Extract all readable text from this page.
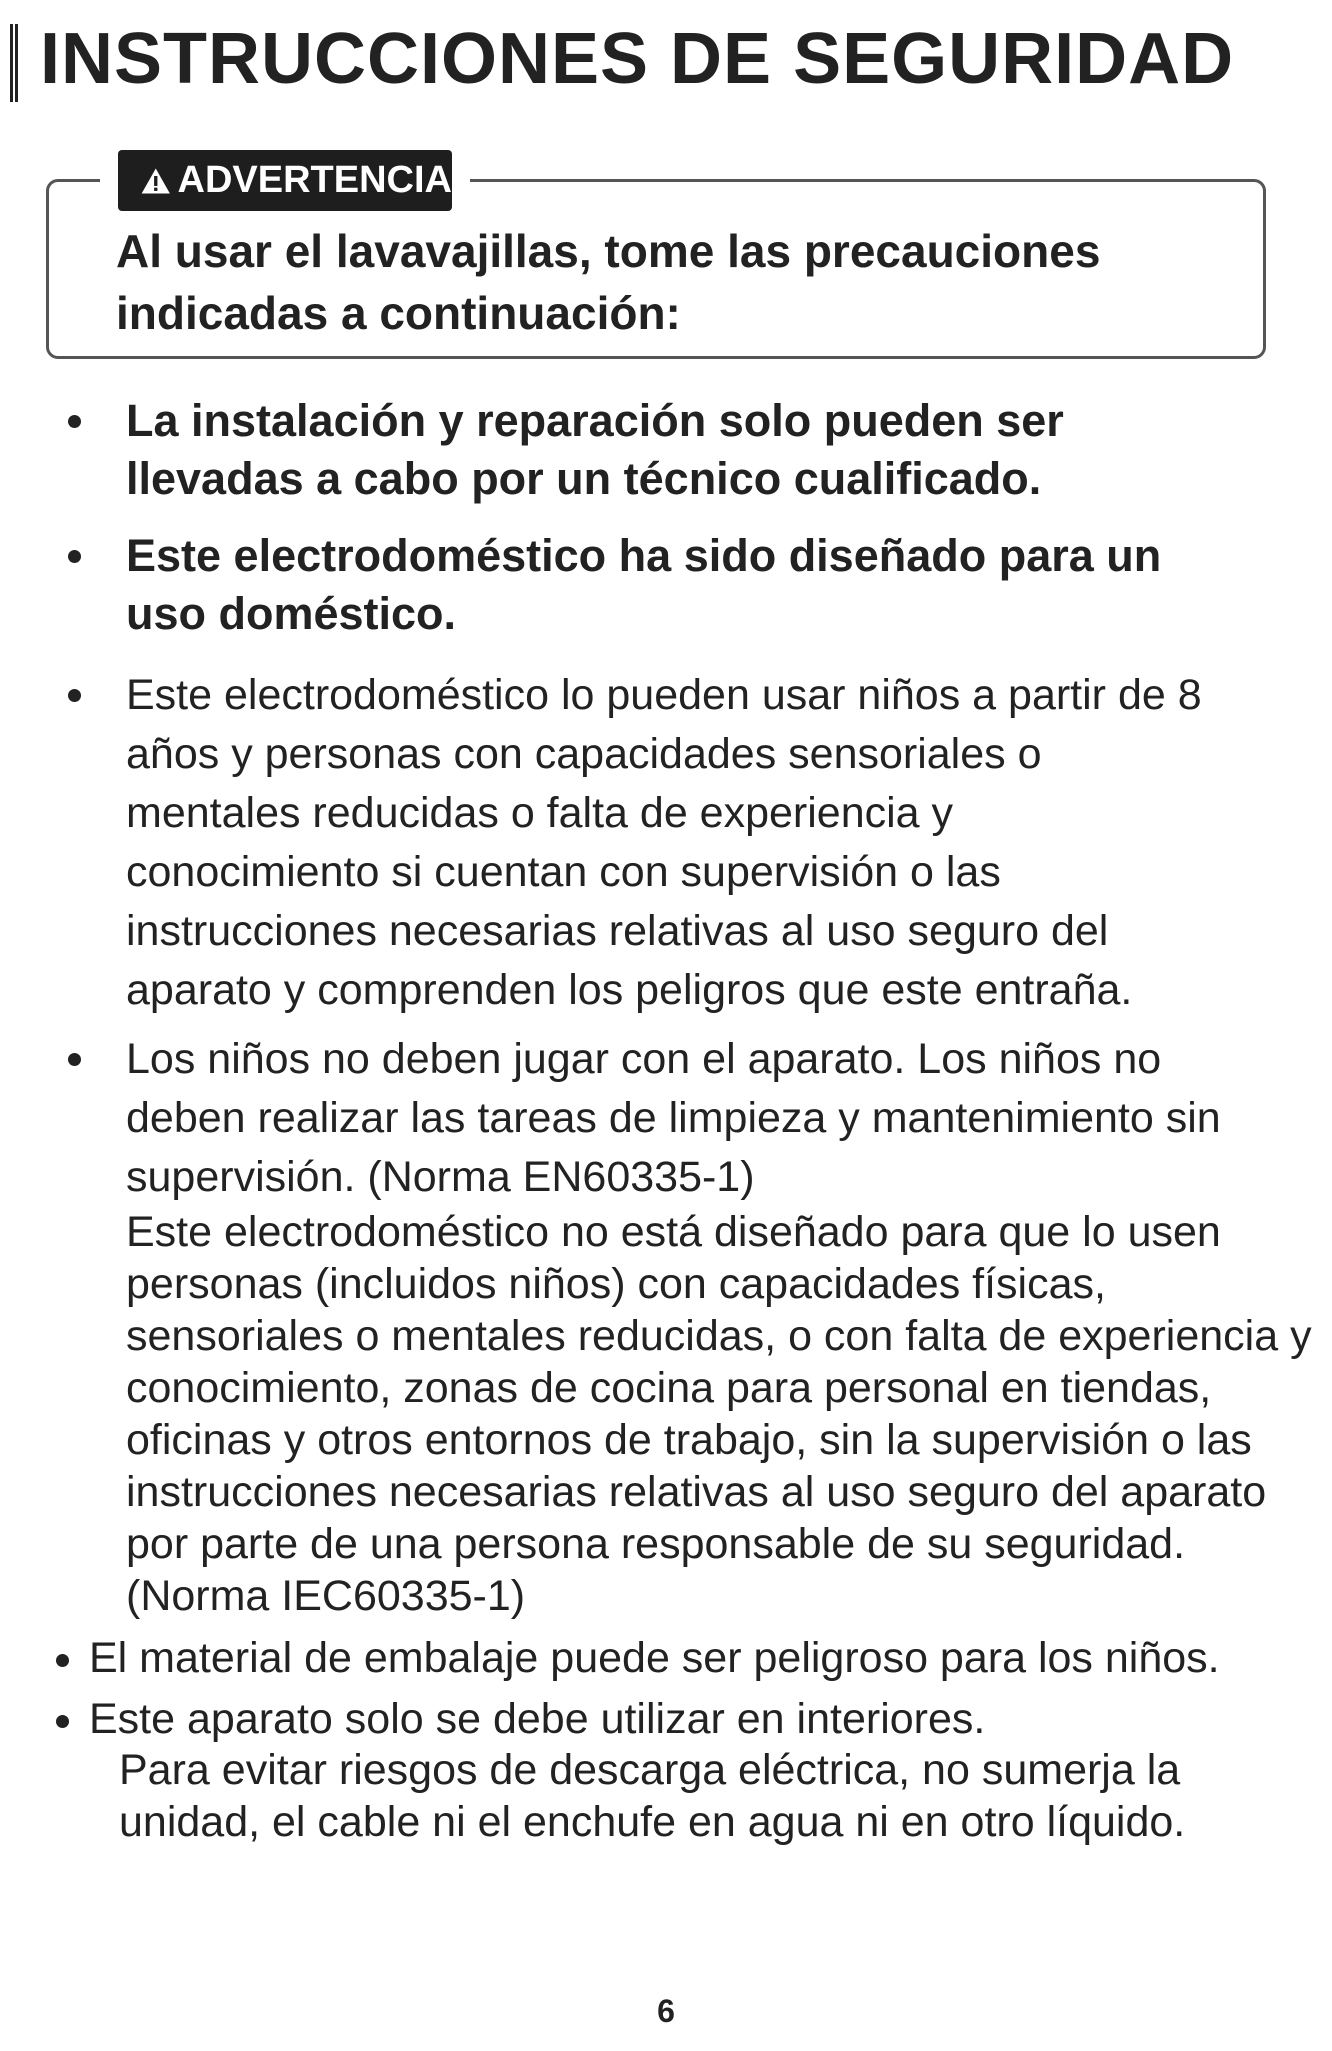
INSTRUCCIONES DE SEGURIDAD
ADVERTENCIA

Al usar el lavavajillas, tome las precauciones indicadas a continuación:

La instalación y reparación solo pueden ser llevadas a cabo por un técnico cualificado.
Este electrodoméstico ha sido diseñado para un uso doméstico.
Este electrodoméstico lo pueden usar niños a partir de 8 años y personas con capacidades sensoriales o mentales reducidas o falta de experiencia y conocimiento si cuentan con supervisión o las instrucciones necesarias relativas al uso seguro del aparato y comprenden los peligros que este entraña.
Los niños no deben jugar con el aparato. Los niños no deben realizar las tareas de limpieza y mantenimiento sin supervisión. (Norma EN60335-1)
Este electrodoméstico no está diseñado para que lo usen personas (incluidos niños) con capacidades físicas, sensoriales o mentales reducidas, o con falta de experiencia y conocimiento, zonas de cocina para personal en tiendas, oficinas y otros entornos de trabajo, sin la supervisión o las instrucciones necesarias relativas al uso seguro del aparato por parte de una persona responsable de su seguridad. (Norma IEC60335-1)
El material de embalaje puede ser peligroso para los niños.
Este aparato solo se debe utilizar en interiores.
Para evitar riesgos de descarga eléctrica, no sumerja la unidad, el cable ni el enchufe en agua ni en otro líquido.
6
